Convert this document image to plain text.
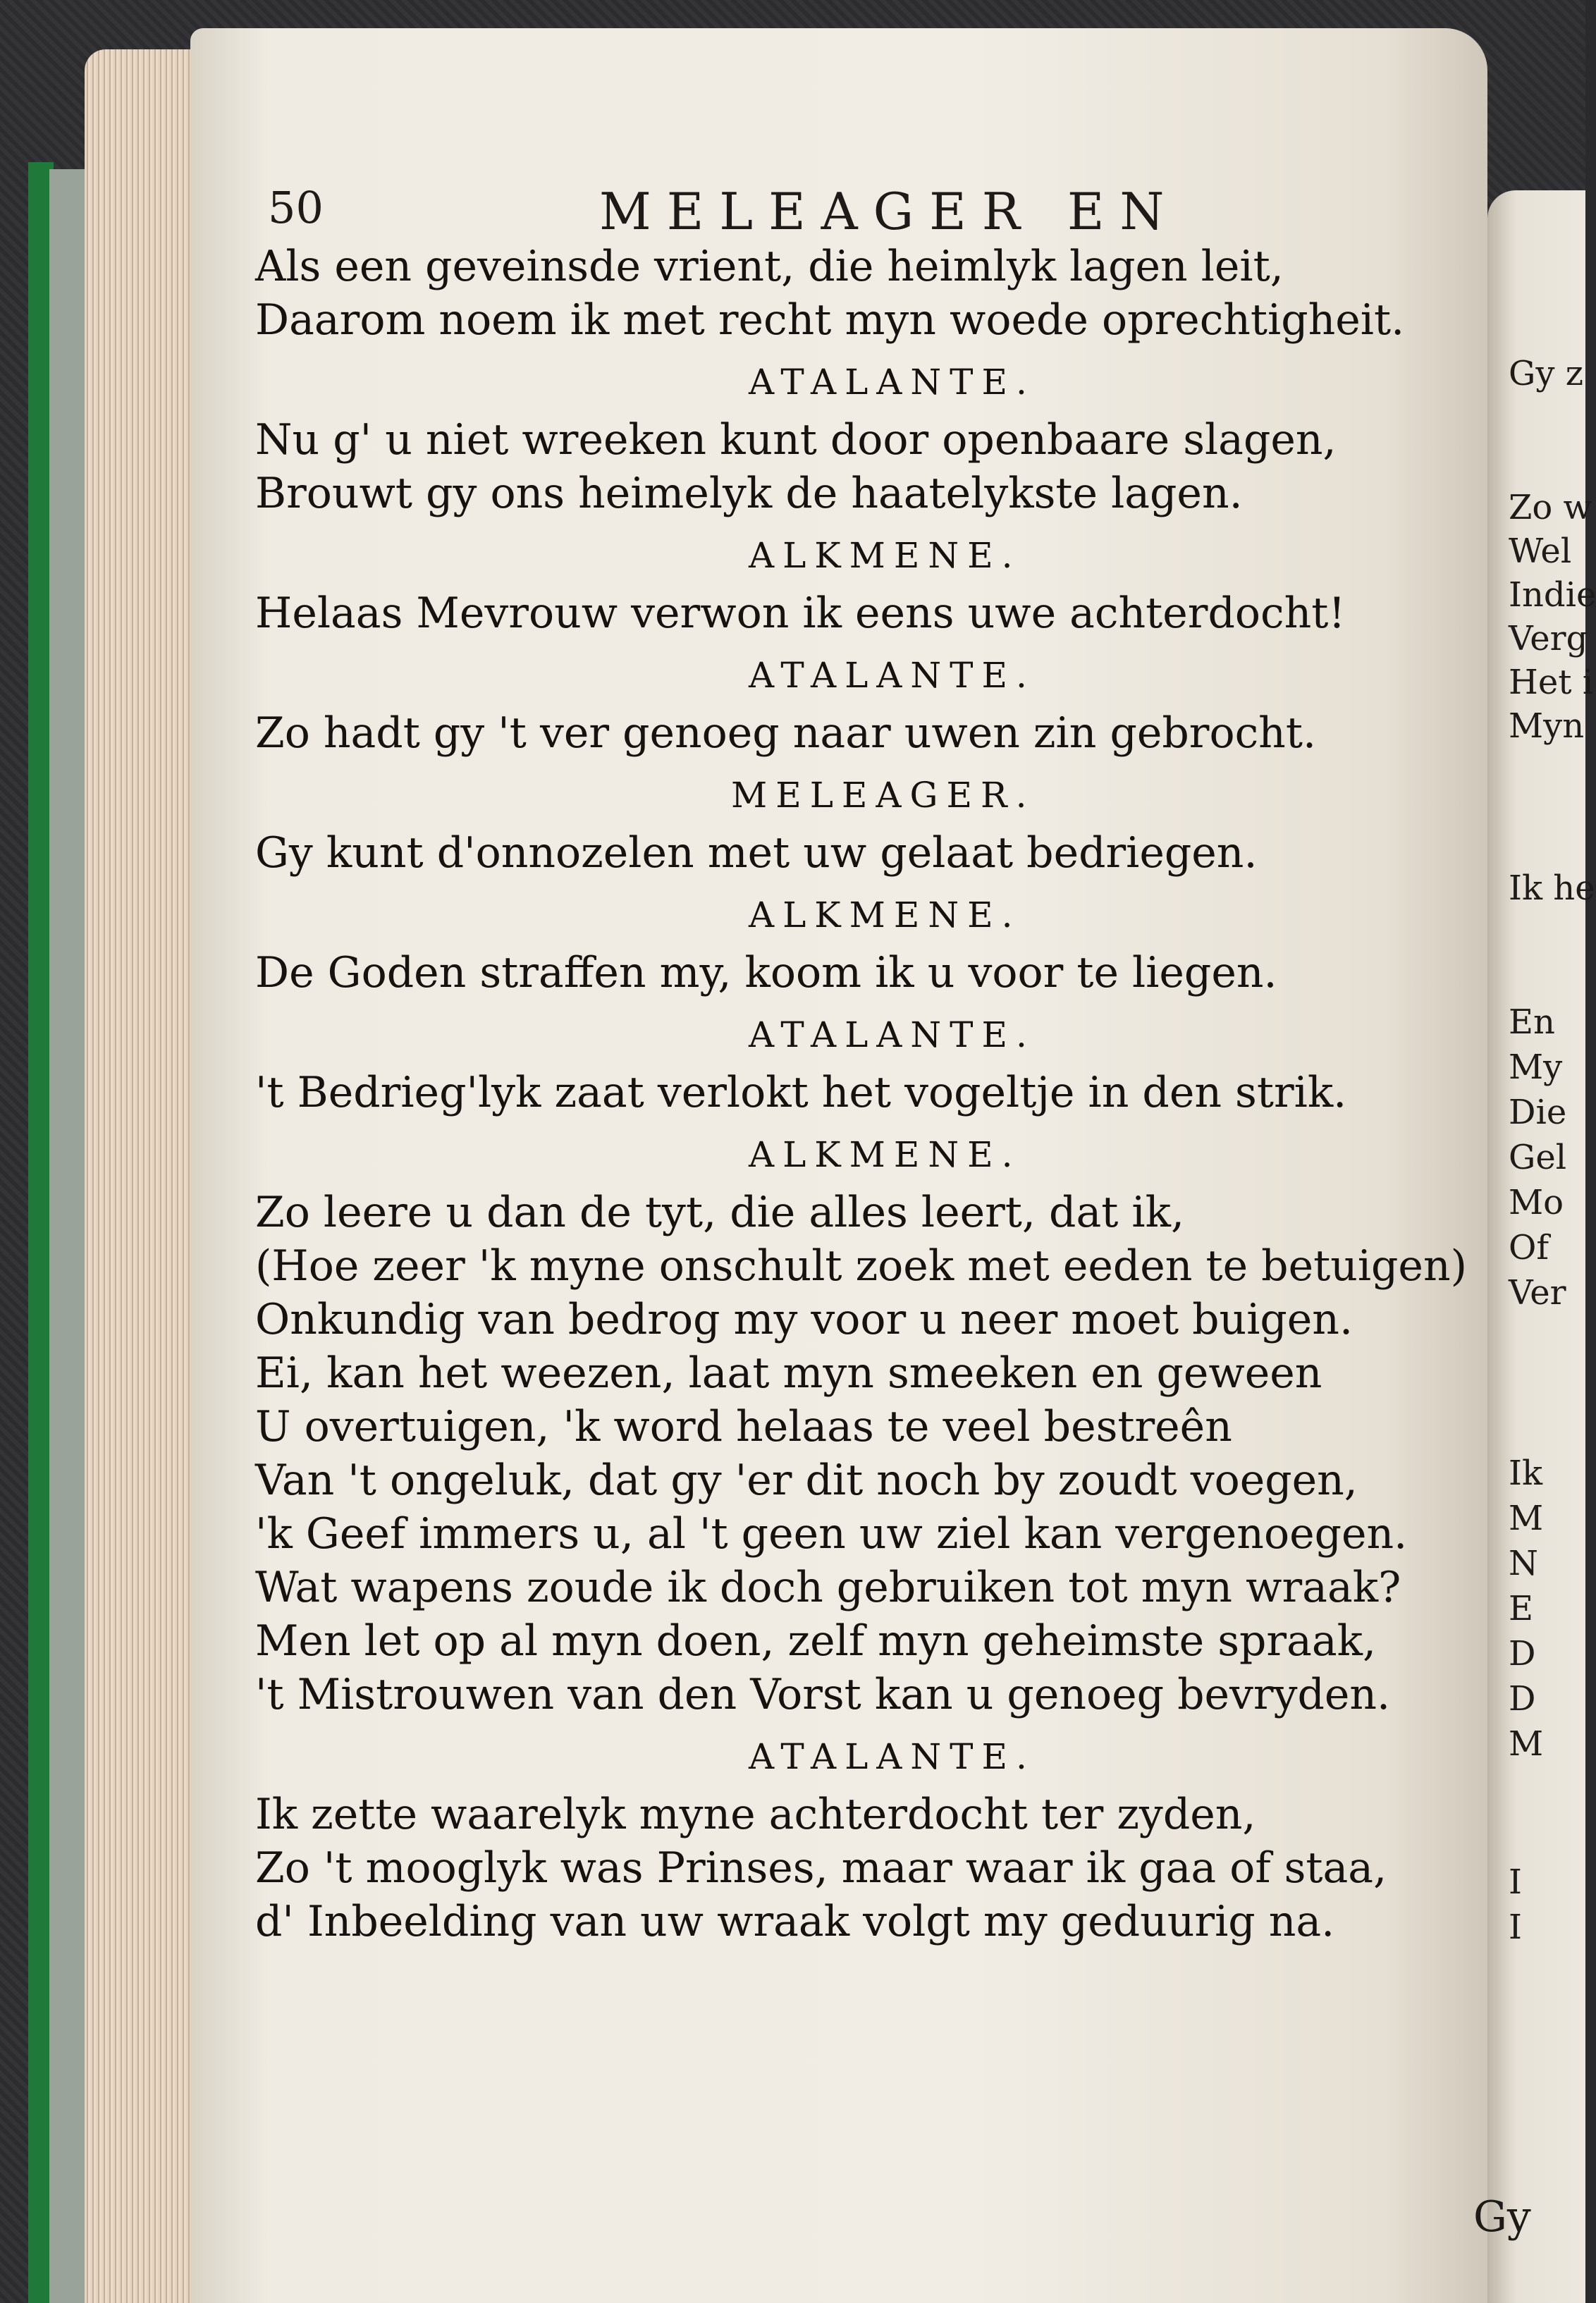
50	MELEAGER EN
Als een geveinsde vrient, die heimlyk lagen leit,
Daarom noem ik met recht myn woede oprechtigheit.
ATALANTE.
Nu g' u niet wreeken kunt door openbaare slagen,
Brouwt gy ons heimelyk de haatelykste lagen.
ALKMENE.
Helaas Mevrouw verwon ik eens uwe achterdocht!
ATALANTE.
Zo hadt gy 't ver genoeg naar uwen zin gebrocht.
MELEAGER.
Gy kunt d'onnozelen met uw gelaat bedriegen.
ALKMENE.
De Goden straffen my, koom ik u voor te liegen.
ATALANTE.
't Bedrieg'lyk zaat verlokt het vogeltje in den strik.
ALKMENE.
Zo leere u dan de tyt, die alles leert, dat ik,
(Hoe zeer 'k myne onschult zoek met eeden te betuigen)
Onkundig van bedrog my voor u neer moet buigen.
Ei, kan het weezen, laat myn smeeken en geween
U overtuigen, 'k word helaas te veel bestreên
Van 't ongeluk, dat gy 'er dit noch by zoudt voegen,
'k Geef immers u, al 't geen uw ziel kan vergenoegen.
Wat wapens zoude ik doch gebruiken tot myn wraak?
Men let op al myn doen, zelf myn geheimste spraak,
't Mistrouwen van den Vorst kan u genoeg bevryden.
ATALANTE.
Ik zette waarelyk myne achterdocht ter zyden,
Zo 't mooglyk was Prinses, maar waar ik gaa of staa,
d' Inbeelding van uw wraak volgt my geduurig na.
Gy
Gy z
Zo w
Wel
Indie
Verg
Het i
Myn
Ik he
En
My
Die
Gel
Mo
Of
Ver
Ik
M
N
E
D
D
M
I
I
